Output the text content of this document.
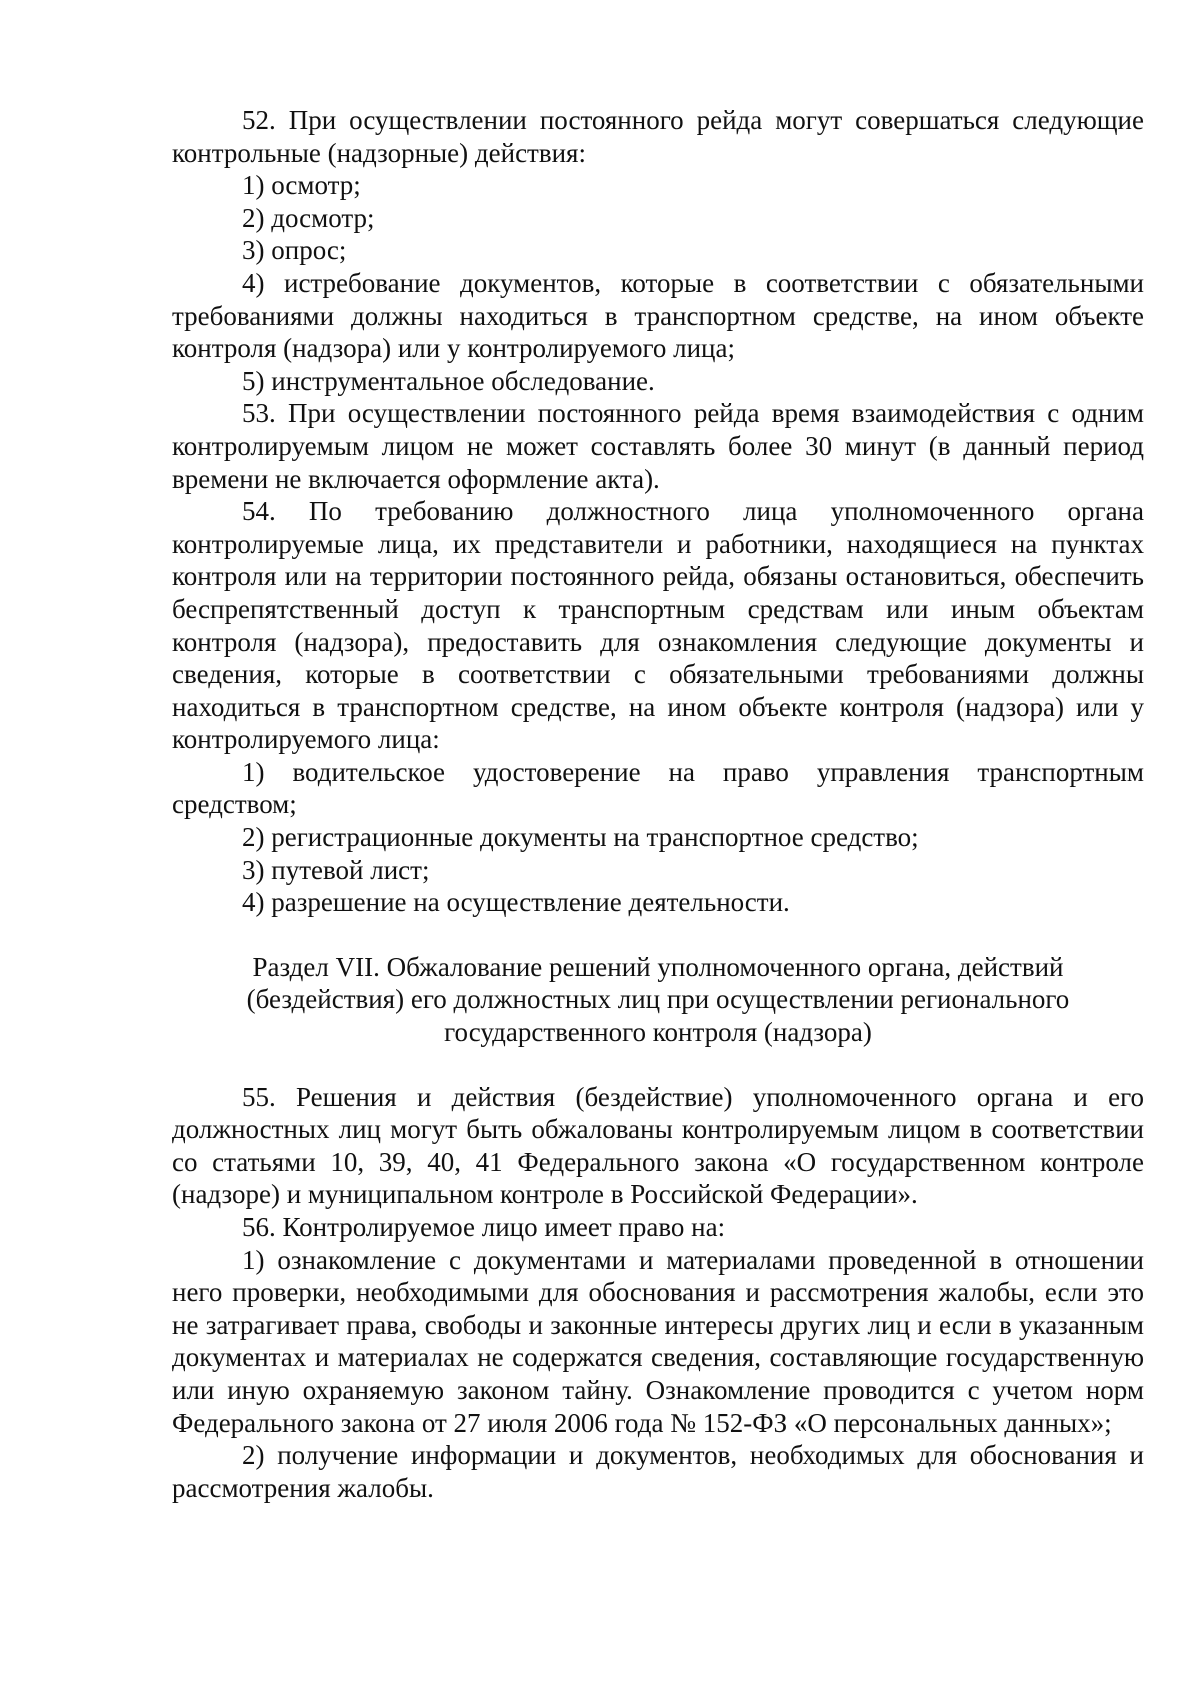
52. При осуществлении постоянного рейда могут совершаться следующие контрольные (надзорные) действия:

1) осмотр;

2) досмотр;

3) опрос;

4) истребование документов, которые в соответствии с обязательными требованиями должны находиться в транспортном средстве, на ином объекте контроля (надзора) или у контролируемого лица;

5) инструментальное обследование.

53. При осуществлении постоянного рейда время взаимодействия с одним контролируемым лицом не может составлять более 30 минут (в данный период времени не включается оформление акта).

54. По требованию должностного лица уполномоченного органа контролируемые лица, их представители и работники, находящиеся на пунктах контроля или на территории постоянного рейда, обязаны остановиться, обеспечить беспрепятственный доступ к транспортным средствам или иным объектам контроля (надзора), предоставить для ознакомления следующие документы и сведения, которые в соответствии с обязательными требованиями должны находиться в транспортном средстве, на ином объекте контроля (надзора) или у контролируемого лица:

1) водительское удостоверение на право управления транспортным средством;

2) регистрационные документы на транспортное средство;

3) путевой лист;

4) разрешение на осуществление деятельности.

Раздел VII. Обжалование решений уполномоченного органа, действий (бездействия) его должностных лиц при осуществлении регионального государственного контроля (надзора)

55. Решения и действия (бездействие) уполномоченного органа и его должностных лиц могут быть обжалованы контролируемым лицом в соответствии со статьями 10, 39, 40, 41 Федерального закона «О государственном контроле (надзоре) и муниципальном контроле в Российской Федерации».

56. Контролируемое лицо имеет право на:

1) ознакомление с документами и материалами проведенной в отношении него проверки, необходимыми для обоснования и рассмотрения жалобы, если это не затрагивает права, свободы и законные интересы других лиц и если в указанным документах и материалах не содержатся сведения, составляющие государственную или иную охраняемую законом тайну. Ознакомление проводится с учетом норм Федерального закона от 27 июля 2006 года № 152-ФЗ «О персональных данных»;

2) получение информации и документов, необходимых для обоснования и рассмотрения жалобы.
